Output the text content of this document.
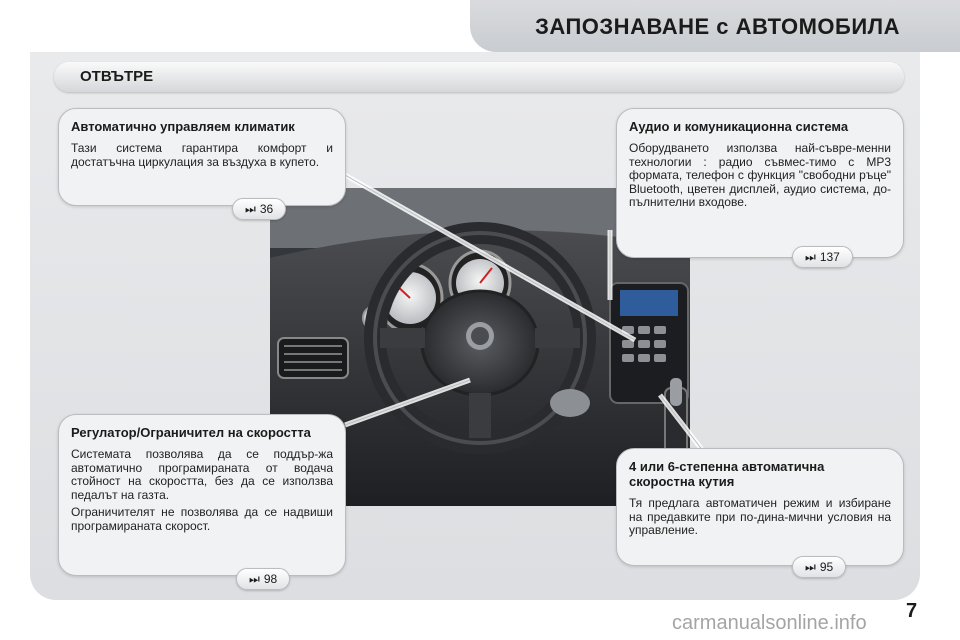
ЗАПОЗНАВАНЕ с АВТОМОБИЛА
ОТВЪТРЕ
Автоматично управляем климатик

Тази система гарантира комфорт и достатъчна циркулация за въздуха в купето.

⏭ 36
Аудио и комуникационна система

Оборудването използва най-съвре-менни технологии : радио съвмес-тимо с MP3 формата, телефон с функция "свободни ръце" Bluetooth, цветен дисплей, аудио система, до-пълнителни входове.

⏭ 137
Регулатор/Ограничител на скоростта

Системата позволява да се поддър-жа автоматично програмираната от водача стойност на скоростта, без да се използва педалът на газта.

Ограничителят не позволява да се надвиши програмираната скорост.

⏭ 98
4 или 6-степенна автоматична скоростна кутия

Тя предлага автоматичен режим и избиране на предавките при по-дина-мични условия на управление.

⏭ 95
7
carmanualsonline.info
